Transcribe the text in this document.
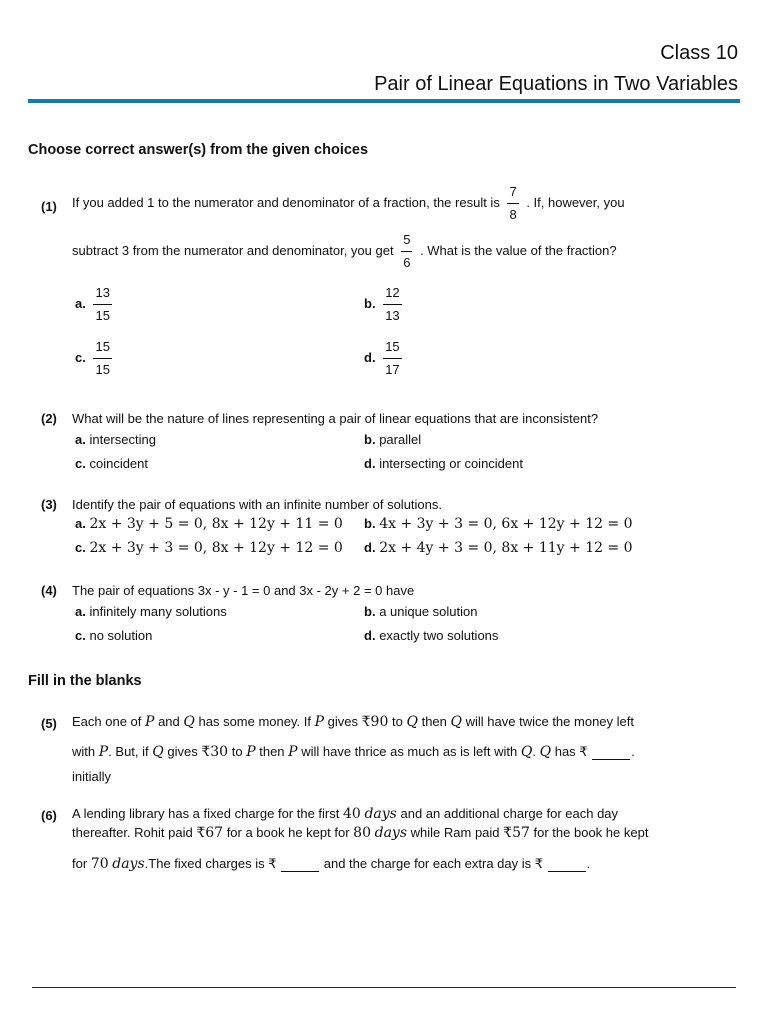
Class 10
Pair of Linear Equations in Two Variables
Choose correct answer(s) from the given choices
(1) If you added 1 to the numerator and denominator of a fraction, the result is $\frac{7}{8}$ . If, however, you
subtract 3 from the numerator and denominator, you get $\frac{5}{6}$ . What is the value of the fraction?
a. $\frac{13}{15}$	b. $\frac{12}{13}$
c. $\frac{15}{15}$	d. $\frac{15}{17}$
(2) What will be the nature of lines representing a pair of linear equations that are inconsistent?
a. intersecting	b. parallel
c. coincident	d. intersecting or coincident
(3) Identify the pair of equations with an infinite number of solutions.
a. 2x + 3y + 5 = 0, 8x + 12y + 11 = 0 b. 4x + 3y + 3 = 0, 6x + 12y + 12 = 0
c. 2x + 3y + 3 = 0, 8x + 12y + 12 = 0 d. 2x + 4y + 3 = 0, 8x + 11y + 12 = 0
(4) The pair of equations 3x - y - 1 = 0 and 3x - 2y + 2 = 0 have
a. infinitely many solutions	b. a unique solution
c. no solution	d. exactly two solutions
Fill in the blanks
(5) Each one of P and Q has some money. If P gives ₹90 to Q then Q will have twice the money left
with P. But, if Q gives ₹30 to P then P will have thrice as much as is left with Q. Q has ₹	.
initially
(6) A lending library has a fixed charge for the first 40 days and an additional charge for each day
thereafter. Rohit paid ₹67 for a book he kept for 80 days while Ram paid ₹57 for the book he kept
for 70 days.The fixed charges is ₹	and the charge for each extra day is ₹	.
